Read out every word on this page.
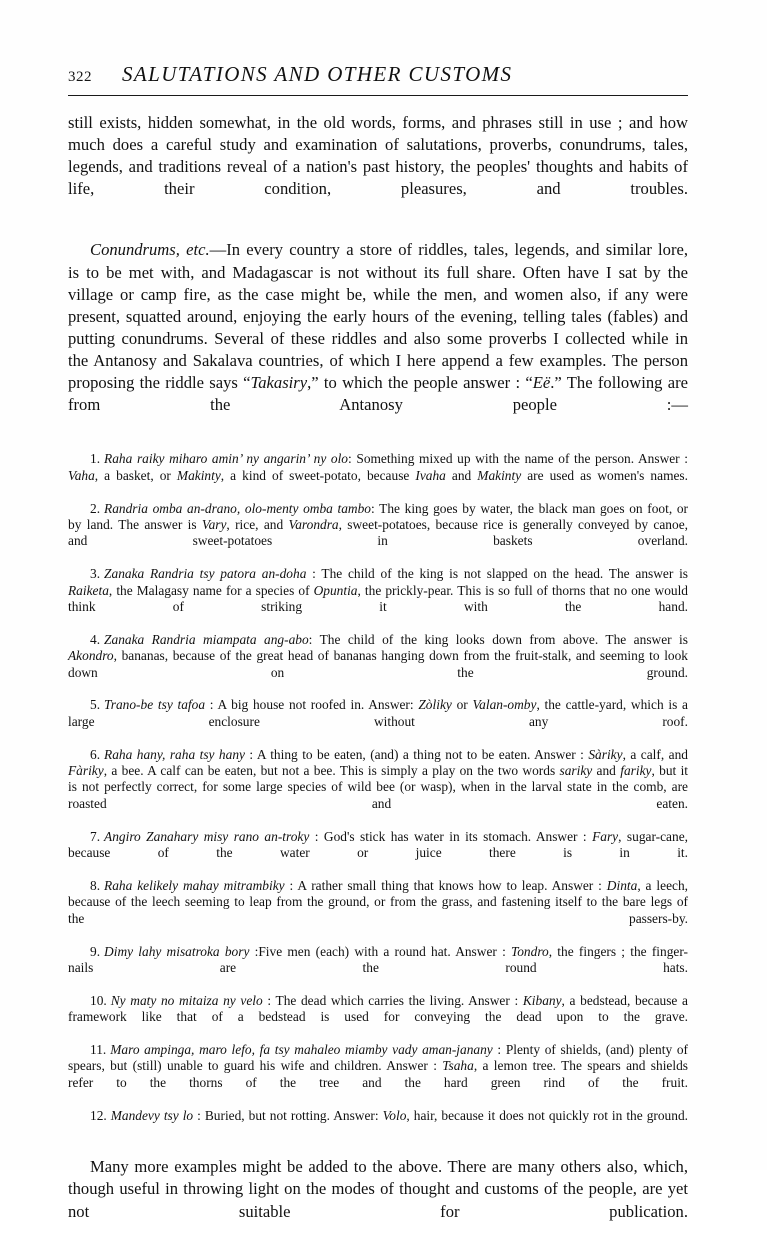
322	SALUTATIONS AND OTHER CUSTOMS

still exists, hidden somewhat, in the old words, forms, and phrases still in use ; and how much does a careful study and examination of salutations, proverbs, conundrums, tales, legends, and traditions reveal of a nation's past history, the peoples' thoughts and habits of life, their condition, pleasures, and troubles.

Conundrums, etc.—In every country a store of riddles, tales, legends, and similar lore, is to be met with, and Madagascar is not without its full share. Often have I sat by the village or camp fire, as the case might be, while the men, and women also, if any were present, squatted around, enjoying the early hours of the evening, telling tales (fables) and putting conundrums. Several of these riddles and also some proverbs I collected while in the Antanosy and Sakalava countries, of which I here append a few examples. The person proposing the riddle says “Takasiry,” to which the people answer : “Eë.” The following are from the Antanosy people :—

1. Raha raiky miharo amin’ ny angarin’ ny olo: Something mixed up with the name of the person. Answer : Vaha, a basket, or Makinty, a kind of sweet-potato, because Ivaha and Makinty are used as women's names.

2. Randria omba an-drano, olo-menty omba tambo: The king goes by water, the black man goes on foot, or by land. The answer is Vary, rice, and Varondra, sweet-potatoes, because rice is generally conveyed by canoe, and sweet-potatoes in baskets overland.

3. Zanaka Randria tsy patora an-doha : The child of the king is not slapped on the head. The answer is Raiketa, the Malagasy name for a species of Opuntia, the prickly-pear. This is so full of thorns that no one would think of striking it with the hand.

4. Zanaka Randria miampata ang-abo: The child of the king looks down from above. The answer is Akondro, bananas, because of the great head of bananas hanging down from the fruit-stalk, and seeming to look down on the ground.

5. Trano-be tsy tafoa : A big house not roofed in. Answer: Zòliky or Valan-omby, the cattle-yard, which is a large enclosure without any roof.

6. Raha hany, raha tsy hany : A thing to be eaten, (and) a thing not to be eaten. Answer : Sàriky, a calf, and Fàriky, a bee. A calf can be eaten, but not a bee. This is simply a play on the two words sariky and fariky, but it is not perfectly correct, for some large species of wild bee (or wasp), when in the larval state in the comb, are roasted and eaten.

7. Angiro Zanahary misy rano an-troky : God's stick has water in its stomach. Answer : Fary, sugar-cane, because of the water or juice there is in it.

8. Raha kelikely mahay mitrambiky : A rather small thing that knows how to leap. Answer : Dinta, a leech, because of the leech seeming to leap from the ground, or from the grass, and fastening itself to the bare legs of the passers-by.

9. Dimy lahy misatroka bory :Five men (each) with a round hat. Answer : Tondro, the fingers ; the finger-nails are the round hats.

10. Ny maty no mitaiza ny velo : The dead which carries the living. Answer : Kibany, a bedstead, because a framework like that of a bedstead is used for conveying the dead upon to the grave.

11. Maro ampinga, maro lefo, fa tsy mahaleo miamby vady aman-janany : Plenty of shields, (and) plenty of spears, but (still) unable to guard his wife and children. Answer : Tsaha, a lemon tree. The spears and shields refer to the thorns of the tree and the hard green rind of the fruit.

12. Mandevy tsy lo : Buried, but not rotting. Answer: Volo, hair, because it does not quickly rot in the ground.

Many more examples might be added to the above. There are many others also, which, though useful in throwing light on the modes of thought and customs of the people, are yet not suitable for publication.
